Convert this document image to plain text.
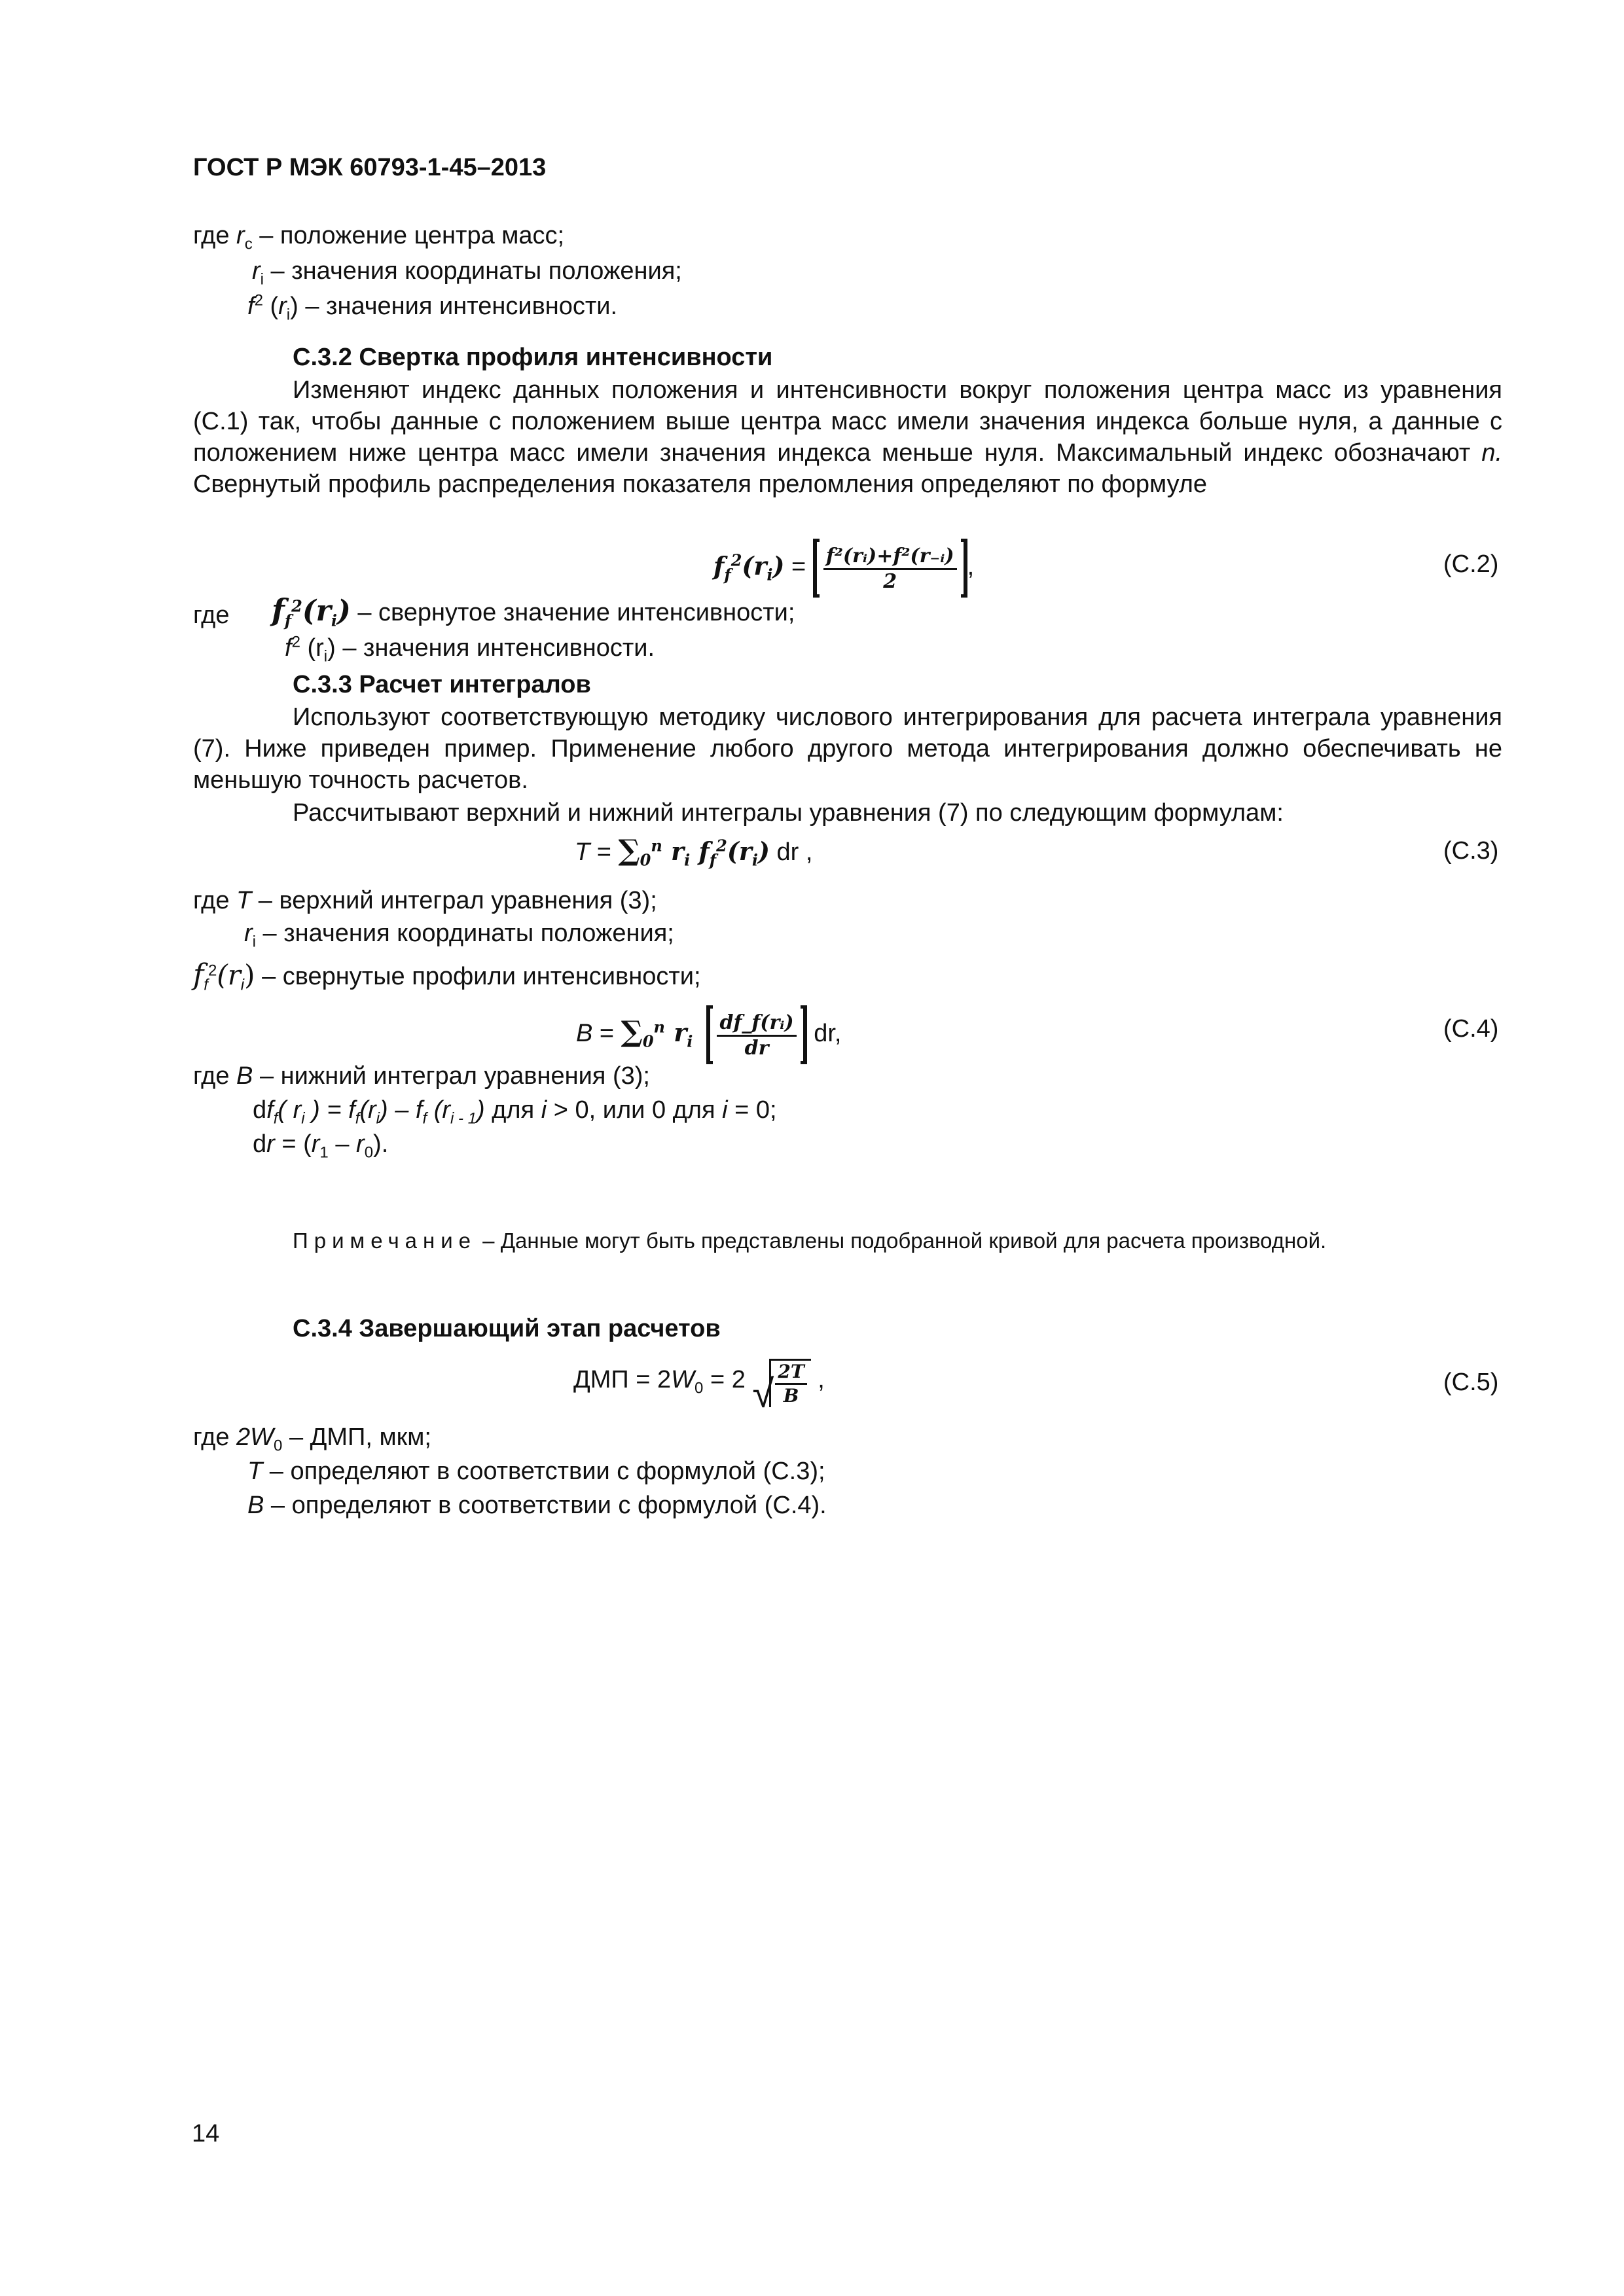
ГОСТ Р МЭК 60793-1-45–2013
где $r_c$ – положение центра масс;
$r_i$ – значения координаты положения;
$f^2$ $(r_i)$ – значения интенсивности.
С.3.2 Свертка профиля интенсивности
Изменяют индекс данных положения и интенсивности вокруг положения центра масс из уравнения (С.1) так, чтобы данные с положением выше центра масс имели значения индекса больше нуля, а данные с положением ниже центра масс имели значения индекса меньше нуля. Максимальный индекс обозначают n. Свернутый профиль распределения показателя преломления определяют по формуле
$f_f^2(r_i) = \frac{\text{f²(rᵢ)+f²(r₋ᵢ)}}{2}$ ,	(С.2)
где $f_f^2(r_i)$ – свернутое значение интенсивности;
$f^2$ $(r_i)$ – значения интенсивности.
С.3.3 Расчет интегралов
Используют соответствующую методику числового интегрирования для расчета интеграла уравнения (7). Ниже приведен пример. Применение любого другого метода интегрирования должно обеспечивать не меньшую точность расчетов.
Рассчитывают верхний и нижний интегралы уравнения (7) по следующим формулам:
$T = \sum_0^n$ $r_i$ $f_f^2(r_i)$ dr ,	(С.3)
где T – верхний интеграл уравнения (3);
$r_i$ – значения координаты положения;
$f_f^2(r_i)$ – свернутые профили интенсивности;
$B = \sum_0^n$ $r_i \frac{\text{df\_f(rᵢ)}}{dr}$ dr,	(С.4)
где B – нижний интеграл уравнения (3);
$df_f$( $r_i$ ) = $f_f(r_i) - f_f$ $(r_{i - 1})$ для i > 0, или 0 для i = 0;
dr = $(r_1 - r_0)$.
Примечание – Данные могут быть представлены подобранной кривой для расчета производной.
С.3.4 Завершающий этап расчетов
ДМП = $2W_0 = 2$ √ $\frac{2T}{B}$ ,	(С.5)
где $2W_0$ – ДМП, мкм;
T – определяют в соответствии с формулой (С.3);
B – определяют в соответствии с формулой (С.4).
14
